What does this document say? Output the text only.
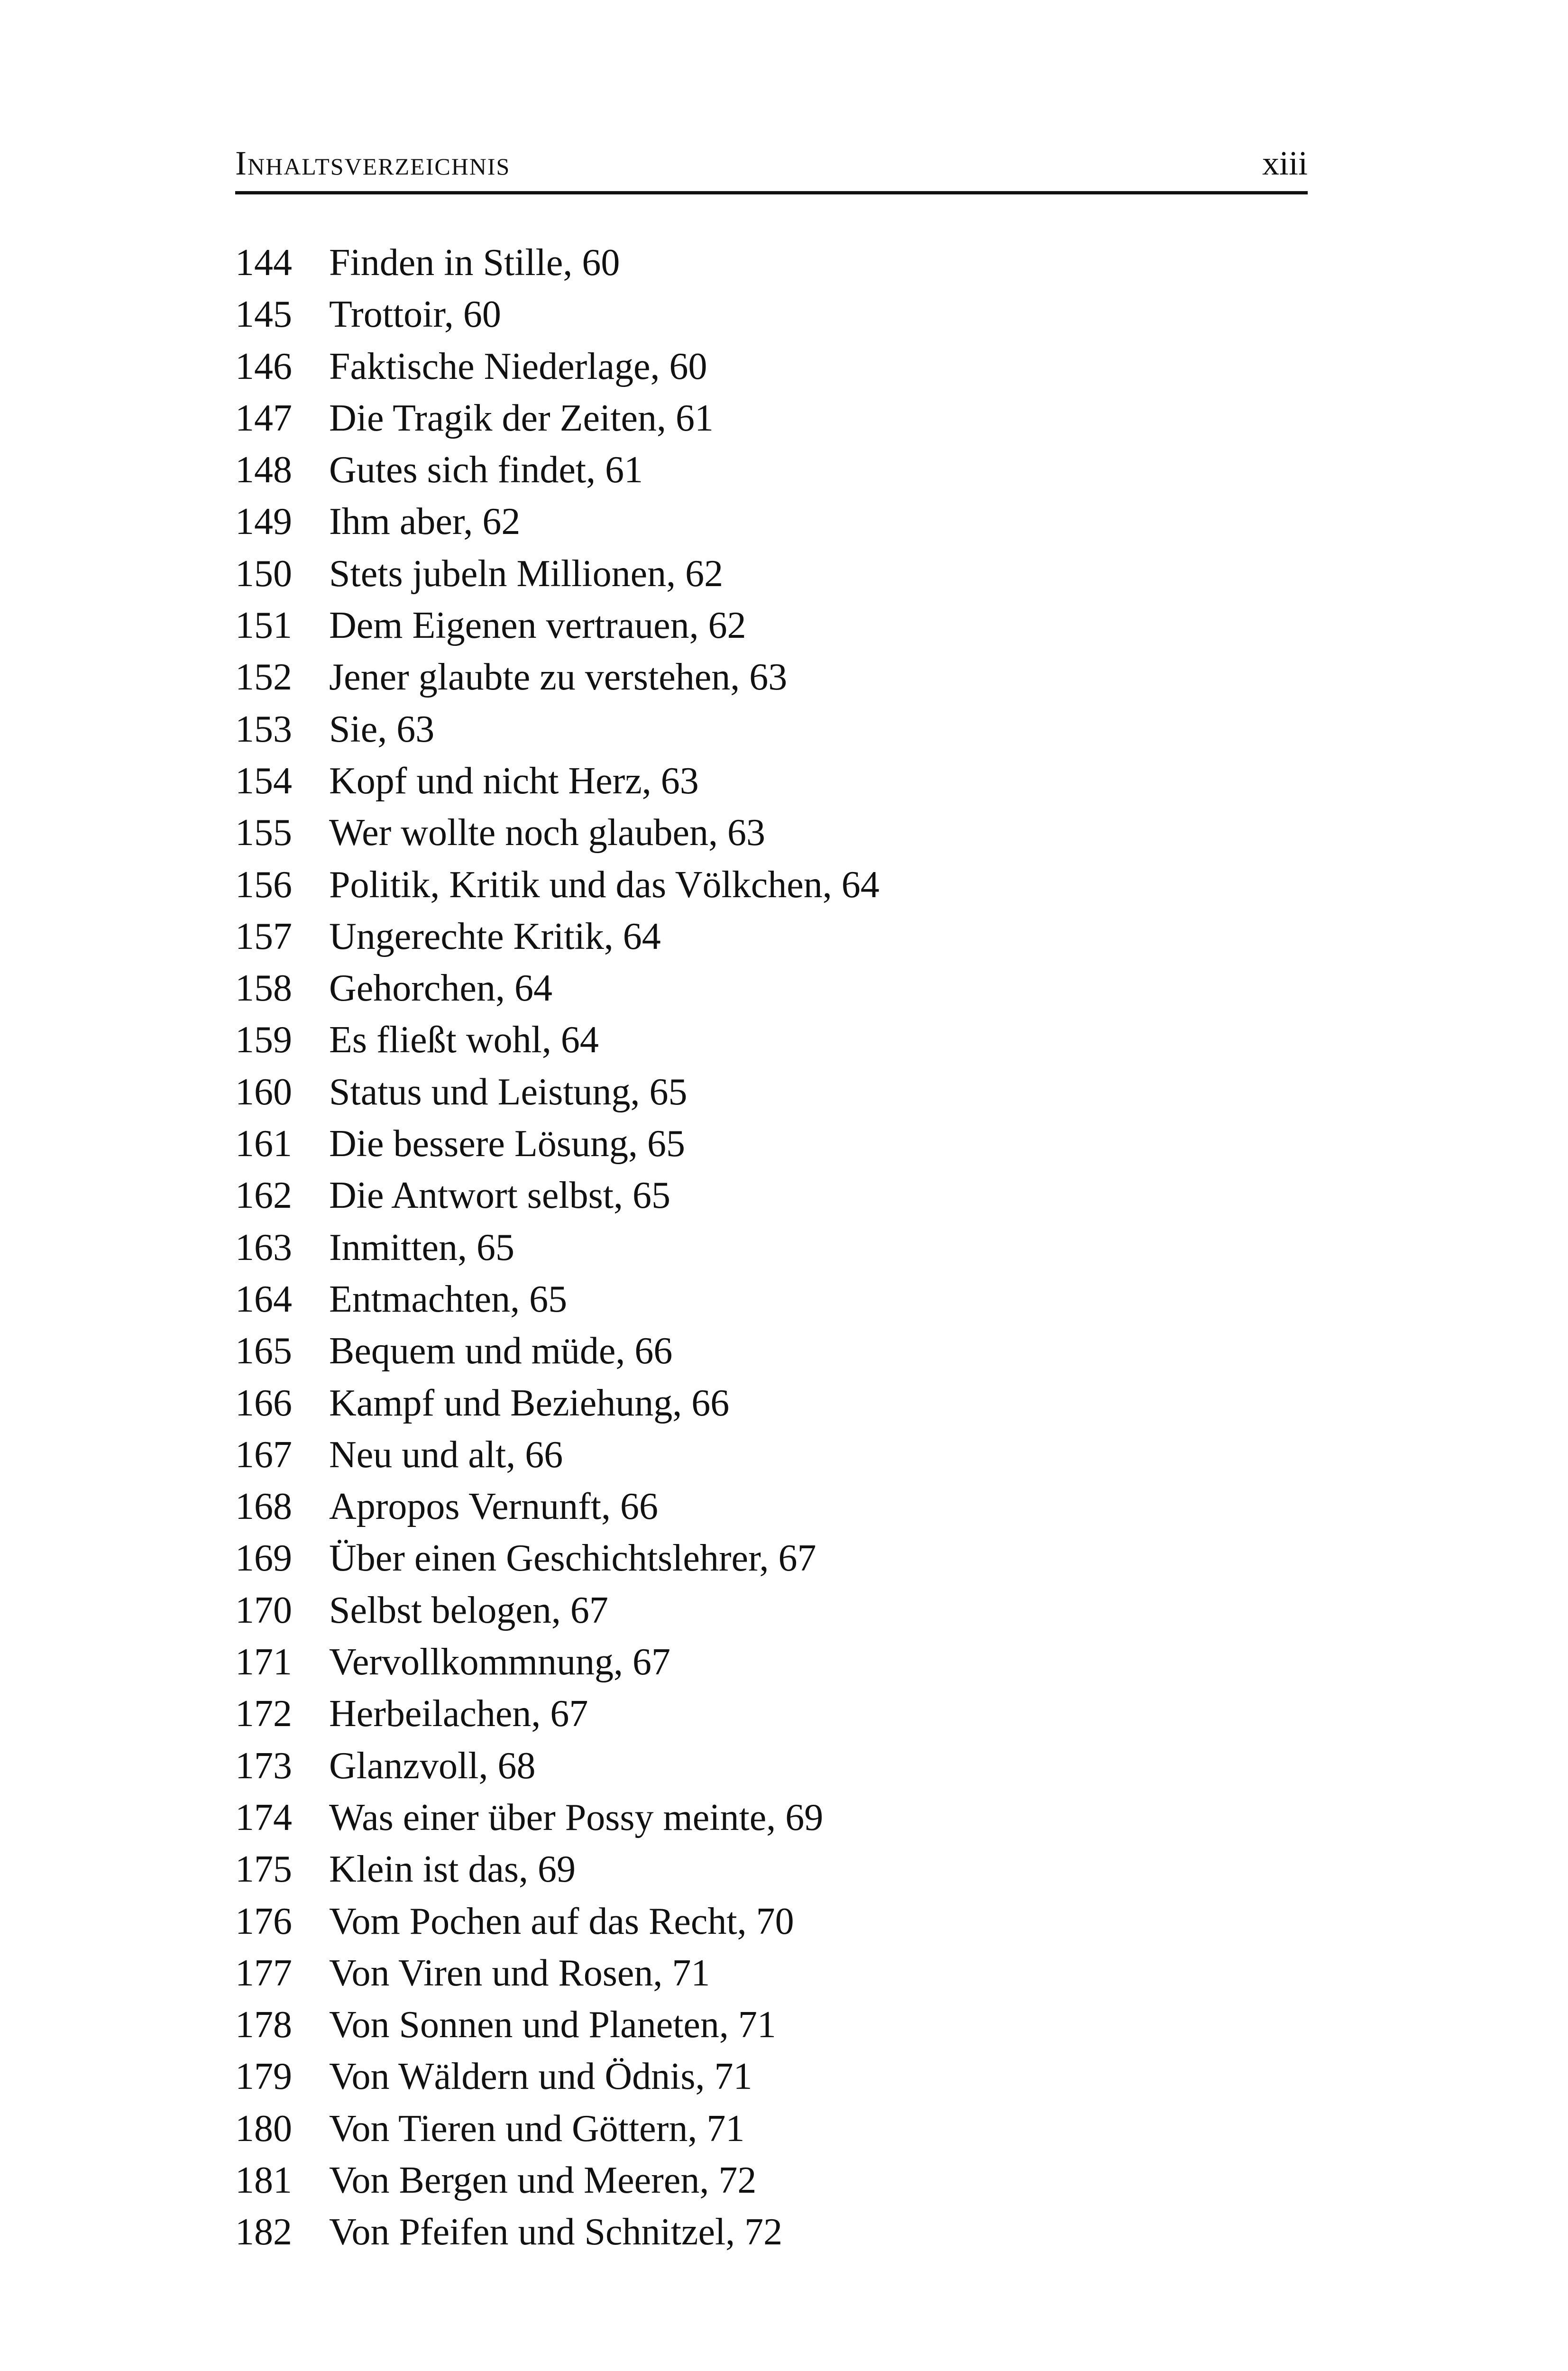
Inhaltsverzeichnis	xiii
144 Finden in Stille, 60
145 Trottoir, 60
146 Faktische Niederlage, 60
147 Die Tragik der Zeiten, 61
148 Gutes sich findet, 61
149 Ihm aber, 62
150 Stets jubeln Millionen, 62
151 Dem Eigenen vertrauen, 62
152 Jener glaubte zu verstehen, 63
153 Sie, 63
154 Kopf und nicht Herz, 63
155 Wer wollte noch glauben, 63
156 Politik, Kritik und das Völkchen, 64
157 Ungerechte Kritik, 64
158 Gehorchen, 64
159 Es fließt wohl, 64
160 Status und Leistung, 65
161 Die bessere Lösung, 65
162 Die Antwort selbst, 65
163 Inmitten, 65
164 Entmachten, 65
165 Bequem und müde, 66
166 Kampf und Beziehung, 66
167 Neu und alt, 66
168 Apropos Vernunft, 66
169 Über einen Geschichtslehrer, 67
170 Selbst belogen, 67
171 Vervollkommnung, 67
172 Herbeilachen, 67
173 Glanzvoll, 68
174 Was einer über Possy meinte, 69
175 Klein ist das, 69
176 Vom Pochen auf das Recht, 70
177 Von Viren und Rosen, 71
178 Von Sonnen und Planeten, 71
179 Von Wäldern und Ödnis, 71
180 Von Tieren und Göttern, 71
181 Von Bergen und Meeren, 72
182 Von Pfeifen und Schnitzel, 72
